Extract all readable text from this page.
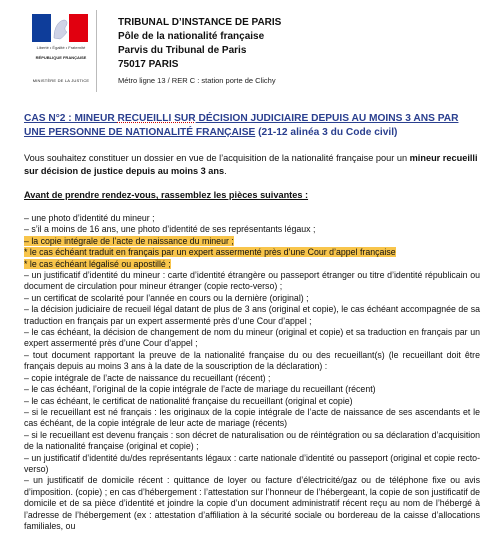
Liberté • Égalité • Fraternité
RÉPUBLIQUE FRANÇAISE
MINISTÈRE DE LA JUSTICE
TRIBUNAL D’INSTANCE DE PARIS
Pôle de la nationalité française
Parvis du Tribunal de Paris
75017 PARIS
Métro ligne 13 / RER C : station porte de Clichy
CAS N°2 : MINEUR RECUEILLI SUR DÉCISION JUDICIAIRE DEPUIS AU MOINS 3 ANS PAR UNE PERSONNE DE NATIONALITÉ FRANÇAISE (21-12 alinéa 3 du Code civil)
Vous souhaitez constituer un dossier en vue de l’acquisition de la nationalité française pour un mineur recueilli sur décision de justice depuis au moins 3 ans.
Avant de prendre rendez-vous, rassemblez les pièces suivantes :

– une photo d’identité du mineur ;

– s’il a moins de 16 ans, une photo d’identité de ses représentants légaux ;

– la copie intégrale de l’acte de naissance du mineur ;

* le cas échéant traduit en français par un expert assermenté près d’une Cour d’appel française

* le cas échéant légalisé ou apostillé ;

– un justificatif d’identité du mineur : carte d’identité étrangère ou passeport étranger ou titre d’identité républicain ou document de circulation pour mineur étranger (copie recto-verso) ;

– un certificat de scolarité pour l’année en cours ou la dernière (original) ;

– la décision judiciaire de recueil légal datant de plus de 3 ans (original et copie), le cas échéant accompagnée de sa traduction en français par un expert assermenté près d’une Cour d’appel ;

– le cas échéant, la décision de changement de nom du mineur (original et copie) et sa traduction en français par un expert assermenté près d’une Cour d’appel ;

– tout document rapportant la preuve de la nationalité française du ou des recueillant(s) (le recueillant doit être français depuis au moins 3 ans à la date de la souscription de la déclaration) :

– copie intégrale de l’acte de naissance du recueillant (récent) ;

– le cas échéant, l’original de la copie intégrale de l’acte de mariage du recueillant (récent)

– le cas échéant, le certificat de nationalité française du recueillant (original et copie)

– si le recueillant est né français : les originaux de la copie intégrale de l’acte de naissance de ses ascendants et le cas échéant, de la copie intégrale de leur acte de mariage (récents)

– si le recueillant est devenu français : son décret de naturalisation ou de réintégration ou sa déclaration d’acquisition de la nationalité française (original et copie) ;

– un justificatif d’identité du/des représentants légaux : carte nationale d’identité ou passeport (original et copie recto-verso)

– un justificatif de domicile récent : quittance de loyer ou facture d’électricité/gaz ou de téléphone fixe ou avis d’imposition. (copie) ; en cas d’hébergement : l’attestation sur l’honneur de l’hébergeant, la copie de son justificatif de domicile et de sa pièce d’identité et joindre la copie d’un document administratif récent reçu au nom de l’hébergé à l’adresse de l’hébergement (ex : attestation d’affiliation à la sécurité sociale ou bordereau de la caisse d’allocations familiales, ou
